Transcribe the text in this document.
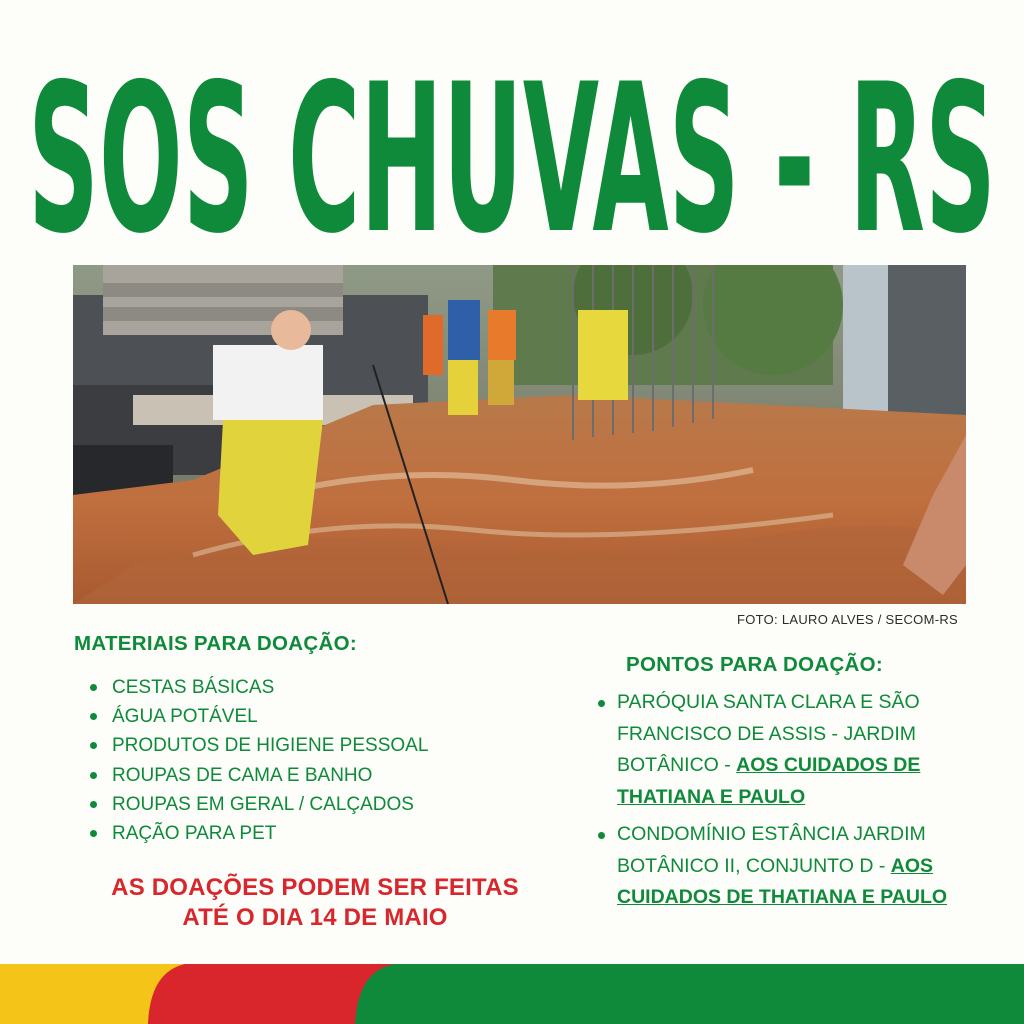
SOS CHUVAS - RS
FOTO: LAURO ALVES / SECOM-RS
MATERIAIS PARA DOAÇÃO:
CESTAS BÁSICAS
ÁGUA POTÁVEL
PRODUTOS DE HIGIENE PESSOAL
ROUPAS DE CAMA E BANHO
ROUPAS EM GERAL / CALÇADOS
RAÇÃO PARA PET
PONTOS PARA DOAÇÃO:
PARÓQUIA SANTA CLARA E SÃO FRANCISCO DE ASSIS - JARDIM BOTÂNICO - AOS CUIDADOS DE THATIANA E PAULO
CONDOMÍNIO ESTÂNCIA JARDIM BOTÂNICO II, CONJUNTO D - AOS CUIDADOS DE THATIANA E PAULO
AS DOAÇÕES PODEM SER FEITAS
ATÉ O DIA 14 DE MAIO
